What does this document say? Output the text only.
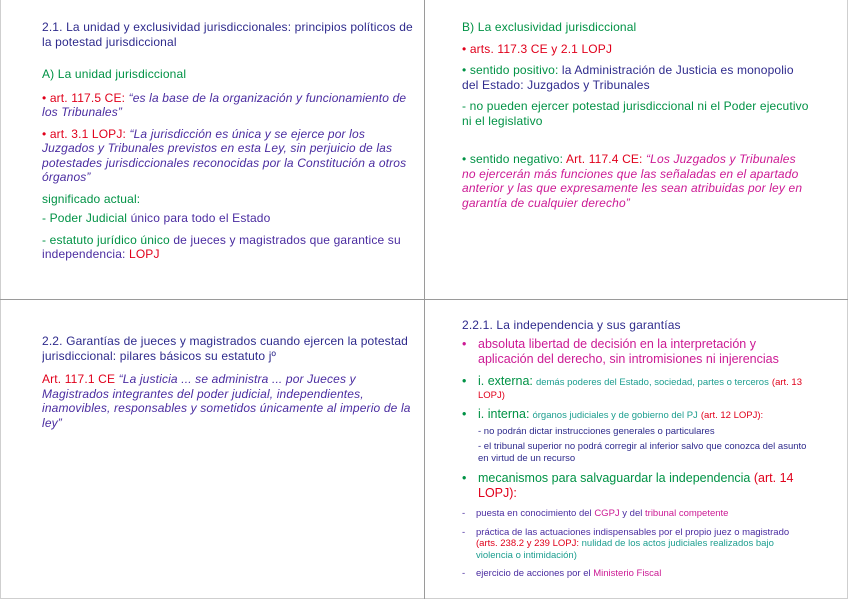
2.1. La unidad y exclusividad jurisdiccionales: principios políticos de la potestad jurisdiccional
A) La unidad jurisdiccional
• art. 117.5 CE: “es la base de la organización y funcionamiento de los Tribunales”
• art. 3.1 LOPJ: “La jurisdicción es única y se ejerce por los Juzgados y Tribunales previstos en esta Ley, sin perjuicio de las potestades jurisdiccionales reconocidas por la Constitución a otros órganos”
significado actual:
- Poder Judicial único para todo el Estado
- estatuto jurídico único de jueces y magistrados que garantice su independencia: LOPJ
B) La exclusividad jurisdiccional
• arts. 117.3 CE y 2.1 LOPJ
• sentido positivo: la Administración de Justicia es monopolio del Estado: Juzgados y Tribunales
- no pueden ejercer potestad jurisdiccional ni el Poder ejecutivo ni el legislativo
• sentido negativo: Art. 117.4 CE: “Los Juzgados y Tribunales no ejercerán más funciones que las señaladas en el apartado anterior y las que expresamente les sean atribuidas por ley en garantía de cualquier derecho”
2.2. Garantías de jueces y magistrados cuando ejercen la potestad jurisdiccional: pilares básicos su estatuto jº
Art. 117.1 CE “La justicia ... se administra ... por Jueces y Magistrados integrantes del poder judicial, independientes, inamovibles, responsables y sometidos únicamente al imperio de la ley”
2.2.1. La independencia y sus garantías
• absoluta libertad de decisión en la interpretación y aplicación del derecho, sin intromisiones ni injerencias
• i. externa: demás poderes del Estado, sociedad, partes o terceros (art. 13 LOPJ)
• i. interna: órganos judiciales y de gobierno del PJ (art. 12 LOPJ):
- no podrán dictar instrucciones generales o particulares
- el tribunal superior no podrá corregir al inferior salvo que conozca del asunto en virtud de un recurso
• mecanismos para salvaguardar la independencia (art. 14 LOPJ):
-	puesta en conocimiento del CGPJ y del tribunal competente
-	práctica de las actuaciones indispensables por el propio juez o magistrado (arts. 238.2 y 239 LOPJ: nulidad de los actos judiciales realizados bajo violencia o intimidación)
-	ejercicio de acciones por el Ministerio Fiscal
